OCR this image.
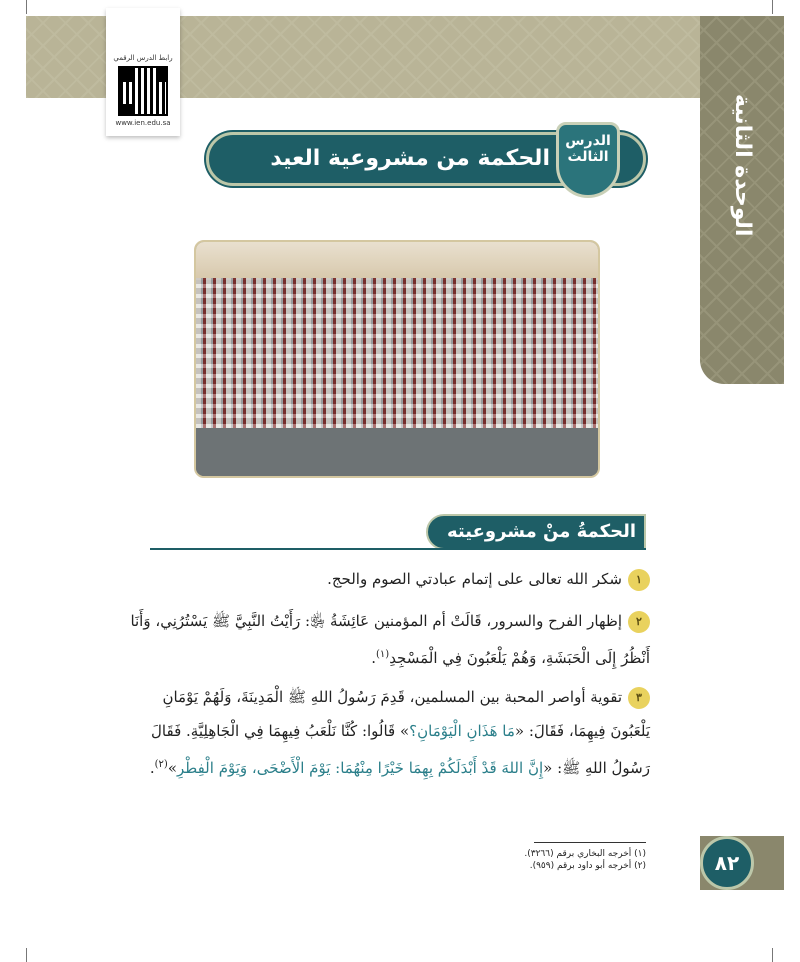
الوحدة الثانية
رابط الدرس الرقمي
www.ien.edu.sa
الحكمة من مشروعية العيد
الدرس
الثالث
الحكمةُ منْ مشروعيته
١شكر الله تعالى على إتمام عبادتي الصوم والحج.
٢إظهار الفرح والسرور، قَالَتْ أم المؤمنين عَائِشَةُ ﵂: رَأَيْتُ النَّبِيَّ ﷺ يَسْتُرُنِي، وَأَنَا أَنْظُرُ إِلَى الْحَبَشَةِ، وَهُمْ يَلْعَبُونَ فِي الْمَسْجِدِ$^{(١)}$.
٣تقوية أواصر المحبة بين المسلمين، قَدِمَ رَسُولُ اللهِ ﷺ الْمَدِينَةَ، وَلَهُمْ يَوْمَانِ يَلْعَبُونَ فِيهِمَا، فَقَالَ: «مَا هَذَانِ الْيَوْمَانِ؟» قَالُوا: كُنَّا نَلْعَبُ فِيهِمَا فِي الْجَاهِلِيَّةِ. فَقَالَ رَسُولُ اللهِ ﷺ: «إِنَّ اللهَ قَدْ أَبْدَلَكُمْ بِهِمَا خَيْرًا مِنْهُمَا: يَوْمَ الْأَضْحَى، وَيَوْمَ الْفِطْرِ»$^{(٢)}$.
(١) أخرجه البخاري برقم (٣٢٦٦).
(٢) أخرجه أبو داود برقم (٩٥٩).	٨٢
